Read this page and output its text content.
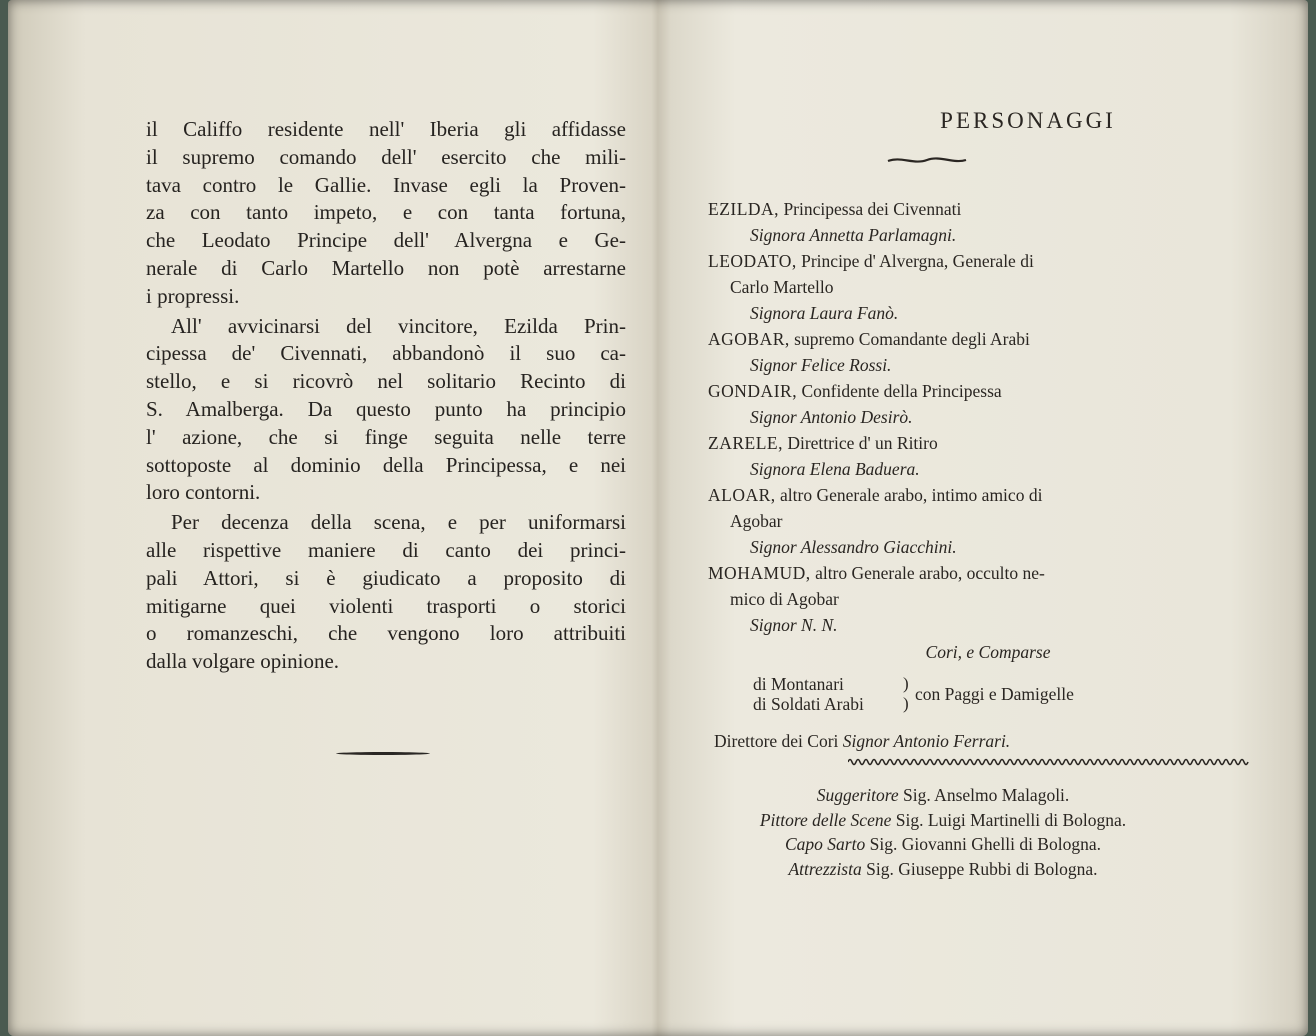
il Califfo residente nell' Iberia gli affidasse
il supremo comando dell' esercito che mili-
tava contro le Gallie. Invase egli la Proven-
za con tanto impeto, e con tanta fortuna,
che Leodato Principe dell' Alvergna e Ge-
nerale di Carlo Martello non potè arrestarne
i propressi.

All' avvicinarsi del vincitore, Ezilda Prin-
cipessa de' Civennati, abbandonò il suo ca-
stello, e si ricovrò nel solitario Recinto di
S. Amalberga. Da questo punto ha principio
l' azione, che si finge seguita nelle terre
sottoposte al dominio della Principessa, e nei
loro contorni.

Per decenza della scena, e per uniformarsi
alle rispettive maniere di canto dei princi-
pali Attori, si è giudicato a proposito di
mitigarne quei violenti trasporti o storici
o romanzeschi, che vengono loro attribuiti
dalla volgare opinione.

PERSONAGGI
EZILDA, Principessa dei Civennati
Signora Annetta Parlamagni.
LEODATO, Principe d' Alvergna, Generale di
Carlo Martello
Signora Laura Fanò.
AGOBAR, supremo Comandante degli Arabi
Signor Felice Rossi.
GONDAIR, Confidente della Principessa
Signor Antonio Desirò.
ZARELE, Direttrice d' un Ritiro
Signora Elena Baduera.
ALOAR, altro Generale arabo, intimo amico di
Agobar
Signor Alessandro Giacchini.
MOHAMUD, altro Generale arabo, occulto ne-
mico di Agobar
Signor N. N.
Cori, e Comparse
di Montanari
di Soldati Arabi
)
) con Paggi e Damigelle
Direttore dei Cori Signor Antonio Ferrari.
Suggeritore Sig. Anselmo Malagoli.
Pittore delle Scene Sig. Luigi Martinelli di Bologna.
Capo Sarto Sig. Giovanni Ghelli di Bologna.
Attrezzista Sig. Giuseppe Rubbi di Bologna.
